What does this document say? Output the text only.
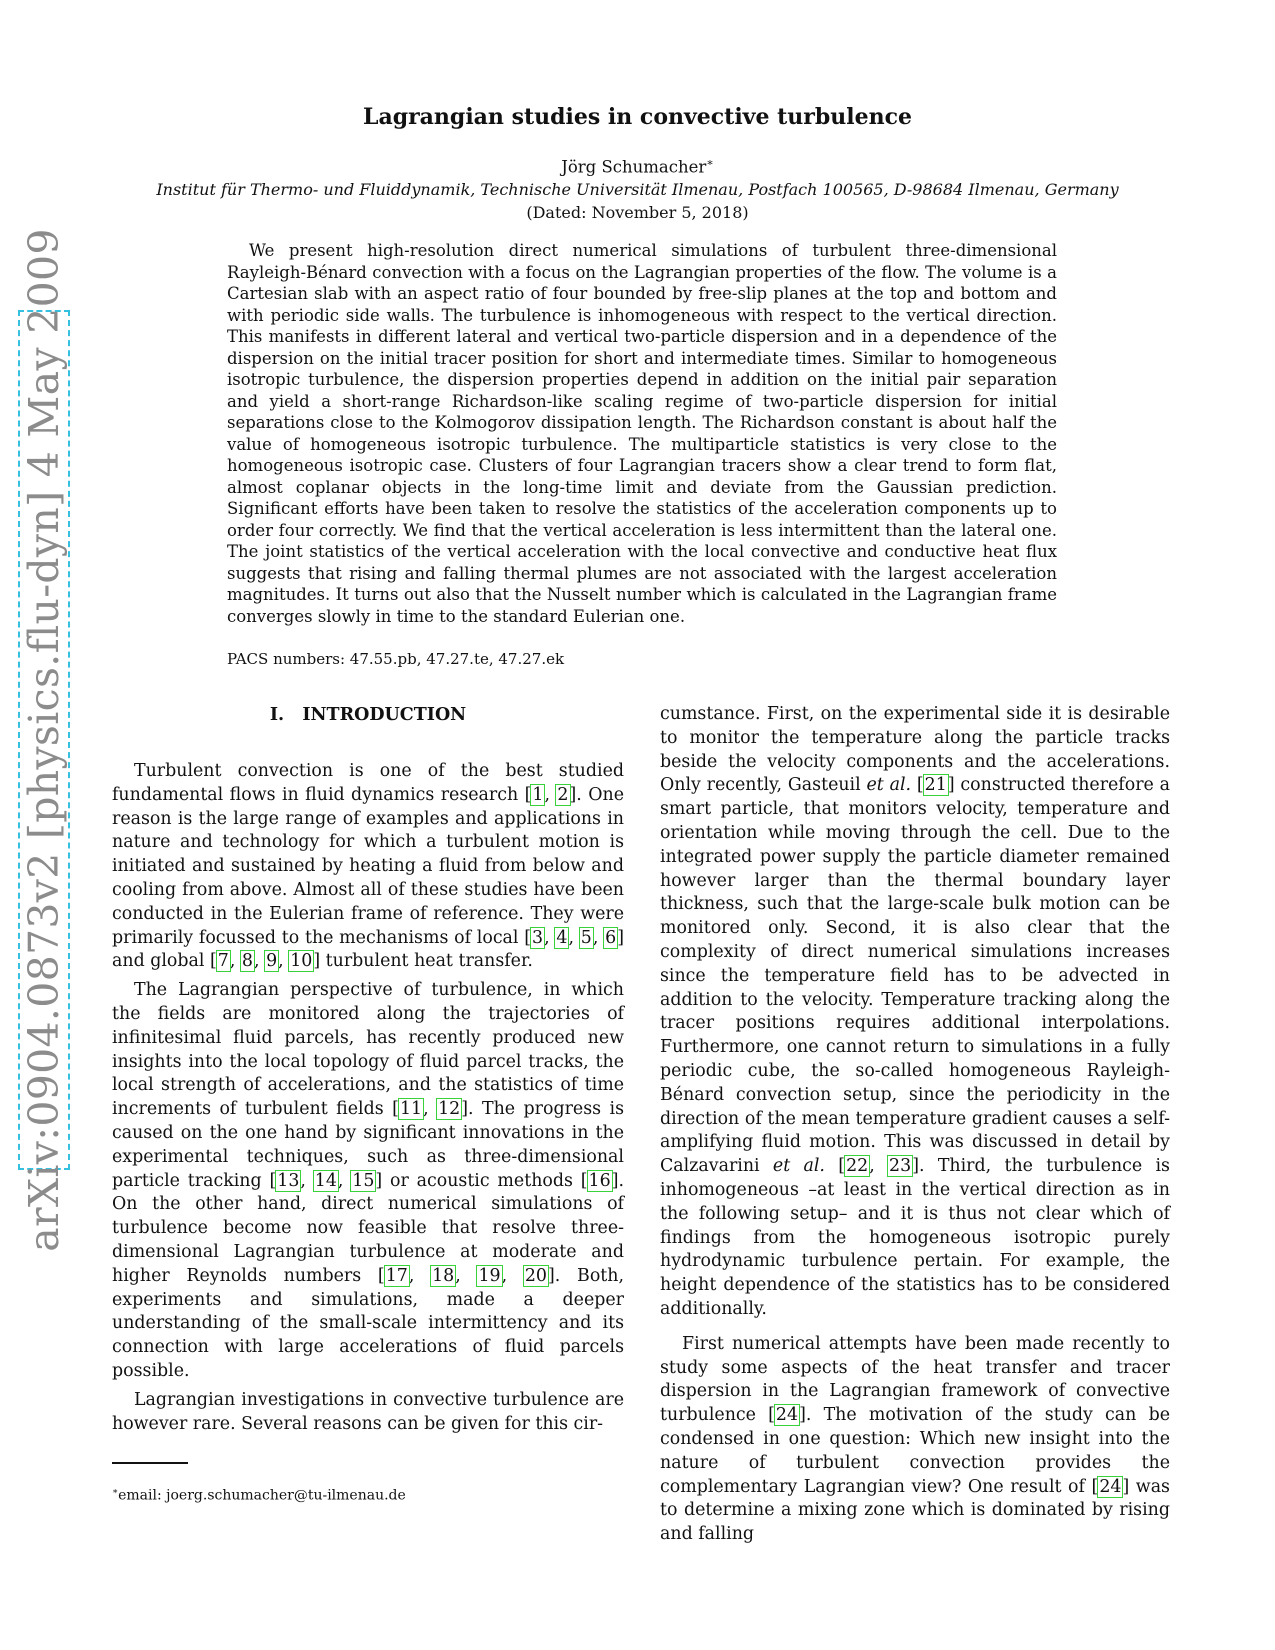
arXiv:0904.0873v2 [physics.flu-dyn] 4 May 2009
Lagrangian studies in convective turbulence
Jörg Schumacher∗
Institut für Thermo- und Fluiddynamik, Technische Universität Ilmenau, Postfach 100565, D-98684 Ilmenau, Germany
(Dated: November 5, 2018)

We present high-resolution direct numerical simulations of turbulent three-dimensional Rayleigh-Bénard convection with a focus on the Lagrangian properties of the flow. The volume is a Cartesian slab with an aspect ratio of four bounded by free-slip planes at the top and bottom and with periodic side walls. The turbulence is inhomogeneous with respect to the vertical direction. This manifests in different lateral and vertical two-particle dispersion and in a dependence of the dispersion on the initial tracer position for short and intermediate times. Similar to homogeneous isotropic turbulence, the dispersion properties depend in addition on the initial pair separation and yield a short-range Richardson-like scaling regime of two-particle dispersion for initial separations close to the Kolmogorov dissipation length. The Richardson constant is about half the value of homogeneous isotropic turbulence. The multiparticle statistics is very close to the homogeneous isotropic case. Clusters of four Lagrangian tracers show a clear trend to form flat, almost coplanar objects in the long-time limit and deviate from the Gaussian prediction. Significant efforts have been taken to resolve the statistics of the acceleration components up to order four correctly. We find that the vertical acceleration is less intermittent than the lateral one. The joint statistics of the vertical acceleration with the local convective and conductive heat flux suggests that rising and falling thermal plumes are not associated with the largest acceleration magnitudes. It turns out also that the Nusselt number which is calculated in the Lagrangian frame converges slowly in time to the standard Eulerian one.

PACS numbers: 47.55.pb, 47.27.te, 47.27.ek
I. INTRODUCTION

Turbulent convection is one of the best studied fundamental flows in fluid dynamics research [1, 2]. One reason is the large range of examples and applications in nature and technology for which a turbulent motion is initiated and sustained by heating a fluid from below and cooling from above. Almost all of these studies have been conducted in the Eulerian frame of reference. They were primarily focussed to the mechanisms of local [3, 4, 5, 6] and global [7, 8, 9, 10] turbulent heat transfer.

The Lagrangian perspective of turbulence, in which the fields are monitored along the trajectories of infinitesimal fluid parcels, has recently produced new insights into the local topology of fluid parcel tracks, the local strength of accelerations, and the statistics of time increments of turbulent fields [11, 12]. The progress is caused on the one hand by significant innovations in the experimental techniques, such as three-dimensional particle tracking [13, 14, 15] or acoustic methods [16]. On the other hand, direct numerical simulations of turbulence become now feasible that resolve three-dimensional Lagrangian turbulence at moderate and higher Reynolds numbers [17, 18, 19, 20]. Both, experiments and simulations, made a deeper understanding of the small-scale intermittency and its connection with large accelerations of fluid parcels possible.

Lagrangian investigations in convective turbulence are however rare. Several reasons can be given for this cir-

cumstance. First, on the experimental side it is desirable to monitor the temperature along the particle tracks beside the velocity components and the accelerations. Only recently, Gasteuil et al. [21] constructed therefore a smart particle, that monitors velocity, temperature and orientation while moving through the cell. Due to the integrated power supply the particle diameter remained however larger than the thermal boundary layer thickness, such that the large-scale bulk motion can be monitored only. Second, it is also clear that the complexity of direct numerical simulations increases since the temperature field has to be advected in addition to the velocity. Temperature tracking along the tracer positions requires additional interpolations. Furthermore, one cannot return to simulations in a fully periodic cube, the so-called homogeneous Rayleigh-Bénard convection setup, since the periodicity in the direction of the mean temperature gradient causes a self-amplifying fluid motion. This was discussed in detail by Calzavarini et al. [22, 23]. Third, the turbulence is inhomogeneous –at least in the vertical direction as in the following setup– and it is thus not clear which of findings from the homogeneous isotropic purely hydrodynamic turbulence pertain. For example, the height dependence of the statistics has to be considered additionally.

First numerical attempts have been made recently to study some aspects of the heat transfer and tracer dispersion in the Lagrangian framework of convective turbulence [24]. The motivation of the study can be condensed in one question: Which new insight into the nature of turbulent convection provides the complementary Lagrangian view? One result of [24] was to determine a mixing zone which is dominated by rising and falling

∗email: joerg.schumacher@tu-ilmenau.de
